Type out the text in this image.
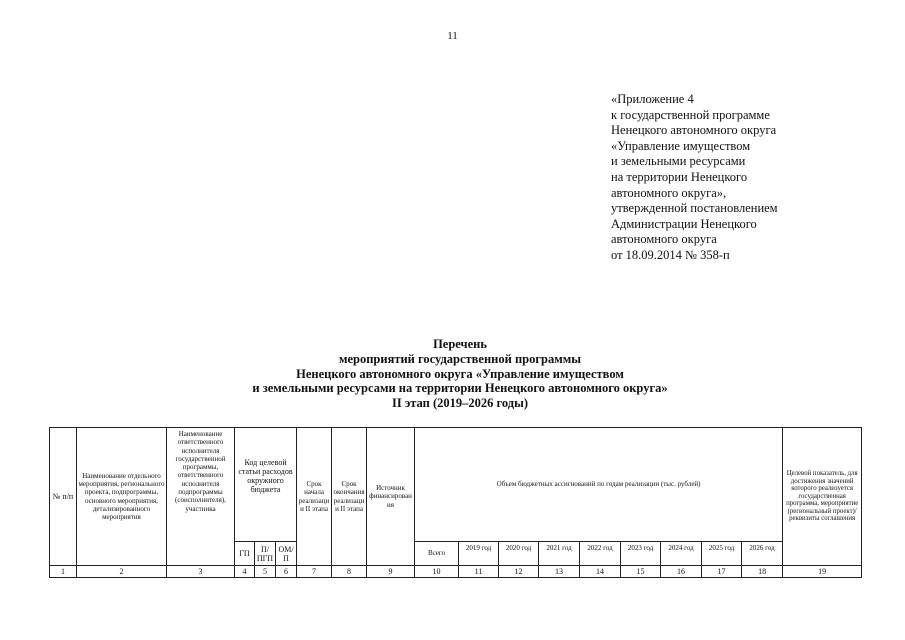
11
«Приложение 4
к государственной программе
Ненецкого автономного округа
«Управление имуществом
и земельными ресурсами
на территории Ненецкого
автономного округа»,
утвержденной постановлением
Администрации Ненецкого
автономного округа
от 18.09.2014 № 358-п
Перечень
мероприятий государственной программы
Ненецкого автономного округа «Управление имуществом
и земельными ресурсами на территории Ненецкого автономного округа»
II этап (2019–2026 годы)
№ п/п	Наименование отдельного мероприятия, регионального проекта, подпрограммы, основного мероприятия, детализированного мероприятия	Наименование ответственного исполнителя государственной программы, ответственного исполнителя подпрограммы (соисполнителя), участника	Код целевой статьи расходов окружного бюджета			Срок начала реализации II этапа	Срок окончания реализации II этапа	Источник финансирования	Объем бюджетных ассигнований по годам реализации (тыс. рублей)									Целевой показатель, для достижения значений которого реализуется государственная программа, мероприятие (региональный проект)/ реквизиты соглашения
			ГП	П/ПГП	ОМ/П				Всего	2019 год	2020 год	2021 год	2022 год	2023 год	2024 год	2025 год	2026 год	
1	2	3	4	5	6	7	8	9	10	11	12	13	14	15	16	17	18	19
